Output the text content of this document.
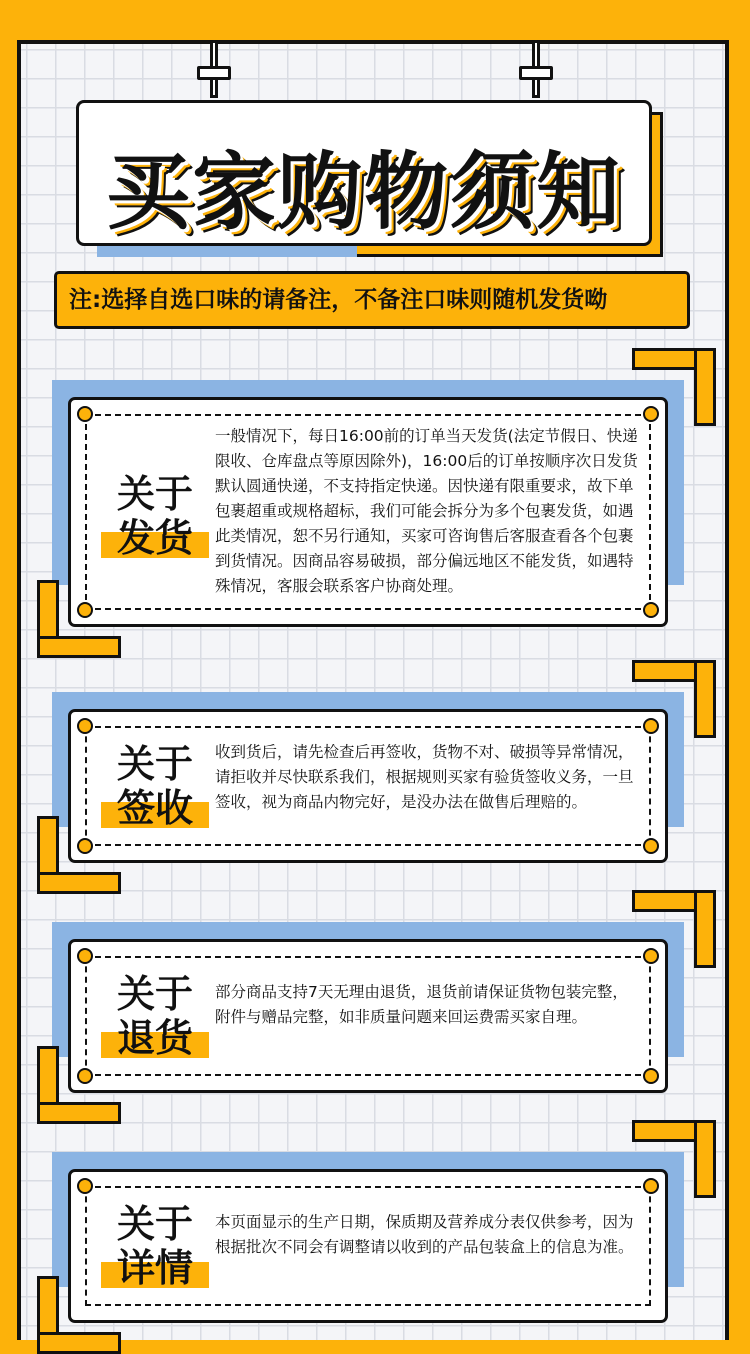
买家购物须知
注:选择自选口味的请备注，不备注口味则随机发货呦
关于
发货
一般情况下，每日16:00前的订单当天发货(法定节假日、快递限收、仓库盘点等原因除外)，16:00后的订单按顺序次日发货默认圆通快递，不支持指定快递。因快递有限重要求，故下单包裹超重或规格超标，我们可能会拆分为多个包裹发货，如遇此类情况，恕不另行通知，买家可咨询售后客服查看各个包裹到货情况。因商品容易破损，部分偏远地区不能发货，如遇特殊情况，客服会联系客户协商处理。
关于
签收
收到货后，请先检查后再签收，货物不对、破损等异常情况，请拒收并尽快联系我们，根据规则买家有验货签收义务，一旦签收，视为商品内物完好，是没办法在做售后理赔的。
关于
退货
部分商品支持7天无理由退货，退货前请保证货物包装完整，附件与赠品完整，如非质量问题来回运费需买家自理。
关于
详情
本页面显示的生产日期，保质期及营养成分表仅供参考，因为根据批次不同会有调整请以收到的产品包装盒上的信息为准。
